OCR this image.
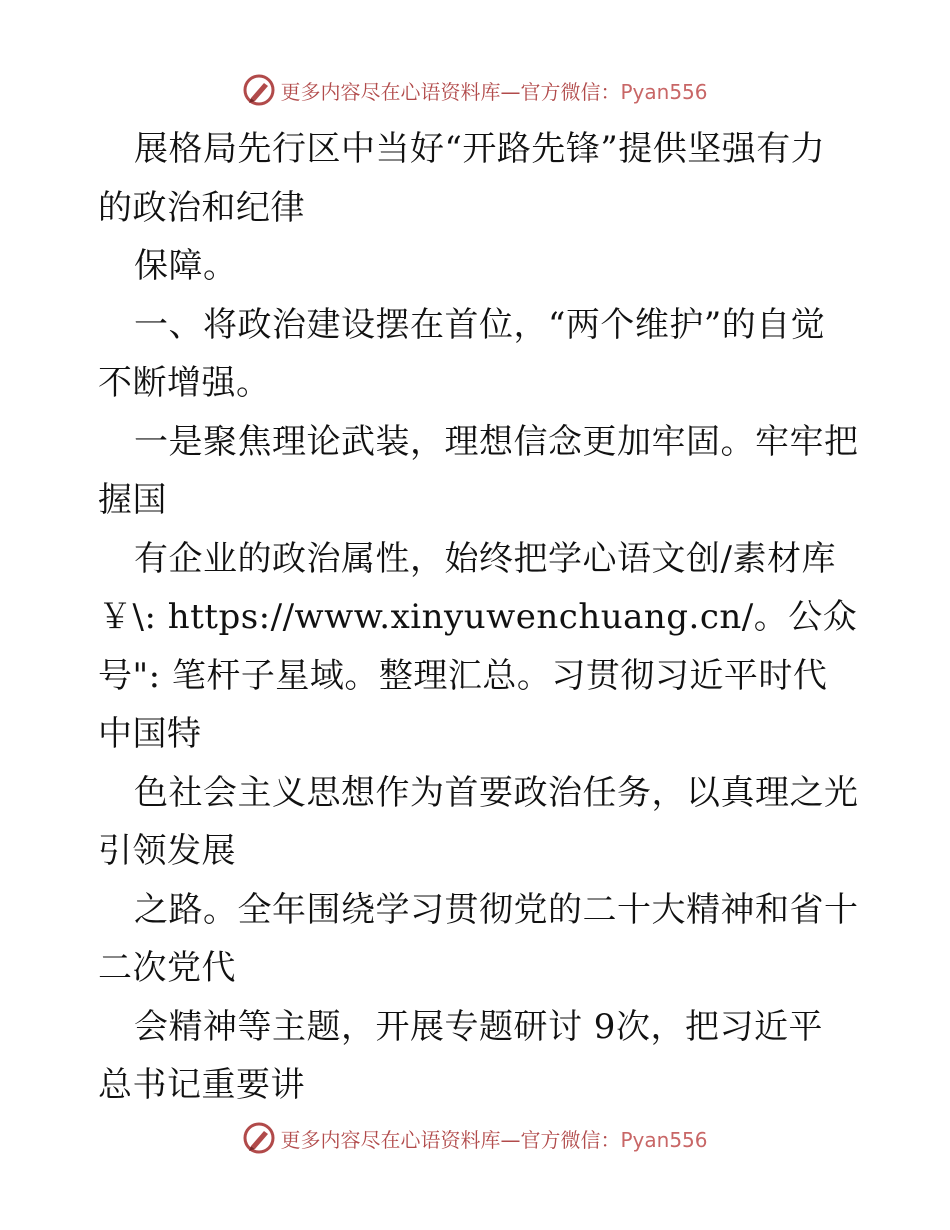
更多内容尽在心语资料库—官方微信：Pyan556
展格局先行区中当好“开路先锋”提供坚强有力
的政治和纪律
保障。
一、将政治建设摆在首位，“两个维护”的自觉
不断增强。
一是聚焦理论武装，理想信念更加牢固。牢牢把
握国
有企业的政治属性，始终把学心语文创/素材库
￥\: https://www.xinyuwenchuang.cn/。公众
号": 笔杆子星域。整理汇总。习贯彻习近平时代
中国特
色社会主义思想作为首要政治任务，以真理之光
引领发展
之路。全年围绕学习贯彻党的二十大精神和省十
二次党代
会精神等主题，开展专题研讨 9次，把习近平
总书记重要讲
更多内容尽在心语资料库—官方微信：Pyan556
